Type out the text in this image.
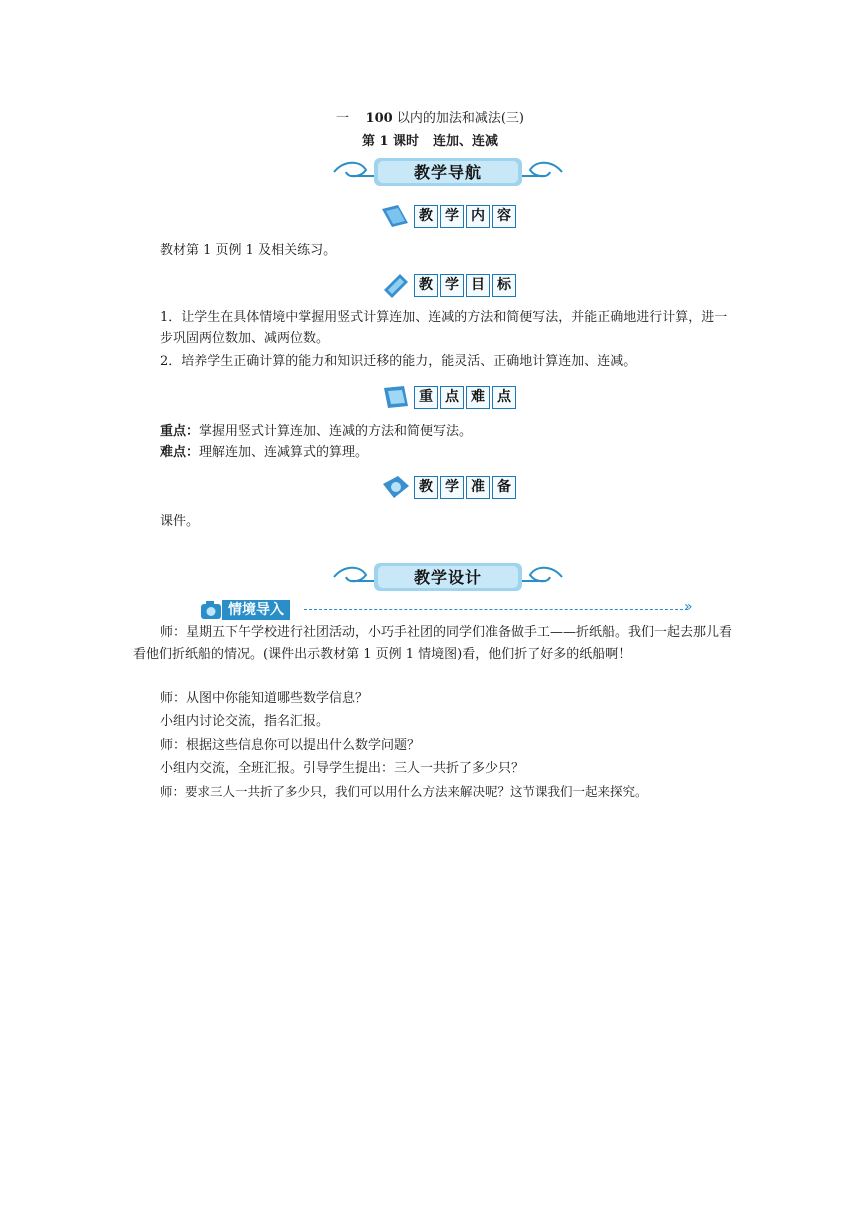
一 100 以内的加法和减法(三)
第 1 课时 连加、连减
教学导航
教 学 内 容
教材第 1 页例 1 及相关练习。
教 学 目 标
1．让学生在具体情境中掌握用竖式计算连加、连减的方法和简便写法，并能正确地进行计算，进一步巩固两位数加、减两位数。
2．培养学生正确计算的能力和知识迁移的能力，能灵活、正确地计算连加、连减。
重 点 难 点
重点：掌握用竖式计算连加、连减的方法和简便写法。
难点：理解连加、连减算式的算理。
教 学 准 备
课件。
教学设计
情境导入	»
师：星期五下午学校进行社团活动，小巧手社团的同学们准备做手工——折纸船。我们一起去那儿看看他们折纸船的情况。(课件出示教材第 1 页例 1 情境图)看，他们折了好多的纸船啊！
师：从图中你能知道哪些数学信息？
小组内讨论交流，指名汇报。
师：根据这些信息你可以提出什么数学问题？
小组内交流，全班汇报。引导学生提出：三人一共折了多少只？
师：要求三人一共折了多少只，我们可以用什么方法来解决呢？这节课我们一起来探究。
